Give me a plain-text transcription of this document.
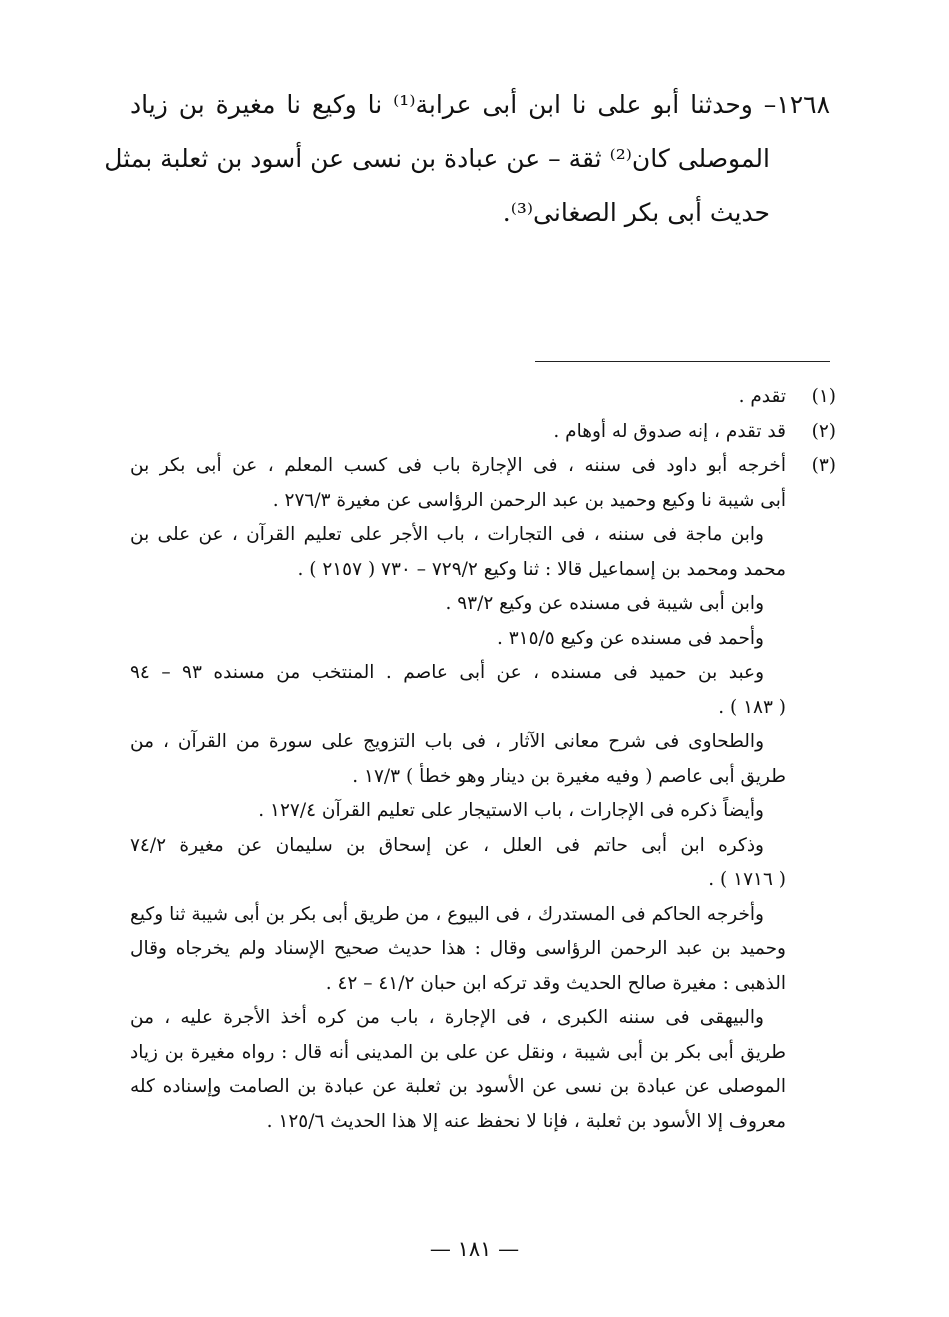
١٢٦٨– وحدثنا أبو على نا ابن أبى عرابة⁽¹⁾ نا وكيع نا مغيرة بن زياد
الموصلى كان⁽²⁾ ثقة – عن عبادة بن نسى عن أسود بن ثعلبة بمثل
حديث أبى بكر الصغانى⁽³⁾.
(١)
تقدم .
(٢)
قد تقدم ، إنه صدوق له أوهام .
(٣)
أخرجه أبو داود فى سننه ، فى الإجارة باب فى كسب المعلم ، عن أبى بكر بن
أبى شيبة نا وكيع وحميد بن عبد الرحمن الرؤاسى عن مغيرة ٢٧٦/٣ .
وابن ماجة فى سننه ، فى التجارات ، باب الأجر على تعليم القرآن ، عن على بن
محمد ومحمد بن إسماعيل قالا : ثنا وكيع ٧٢٩/٢ – ٧٣٠ ( ٢١٥٧ ) .
وابن أبى شيبة فى مسنده عن وكيع ٩٣/٢ .
وأحمد فى مسنده عن وكيع ٣١٥/٥ .
وعبد بن حميد فى مسنده ، عن أبى عاصم . المنتخب من مسنده ٩٣ – ٩٤
( ١٨٣ ) .
والطحاوى فى شرح معانى الآثار ، فى باب التزويج على سورة من القرآن ، من
طريق أبى عاصم ( وفيه مغيرة بن دينار وهو خطأ ) ١٧/٣ .
وأيضاً ذكره فى الإجارات ، باب الاستيجار على تعليم القرآن ١٢٧/٤ .
وذكره ابن أبى حاتم فى العلل ، عن إسحاق بن سليمان عن مغيرة ٧٤/٢
( ١٧١٦ ) .
وأخرجه الحاكم فى المستدرك ، فى البيوع ، من طريق أبى بكر بن أبى شيبة ثنا وكيع
وحميد بن عبد الرحمن الرؤاسى وقال : هذا حديث صحيح الإسناد ولم يخرجاه وقال
الذهبى : مغيرة صالح الحديث وقد تركه ابن حبان ٤١/٢ – ٤٢ .
والبيهقى فى سننه الكبرى ، فى الإجارة ، باب من كره أخذ الأجرة عليه ، من
طريق أبى بكر بن أبى شيبة ، ونقل عن على بن المدينى أنه قال : رواه مغيرة بن زياد
الموصلى عن عبادة بن نسى عن الأسود بن ثعلبة عن عبادة بن الصامت وإسناده كله
معروف إلا الأسود بن ثعلبة ، فإنا لا نحفظ عنه إلا هذا الحديث ١٢٥/٦ .
— ١٨١ —
